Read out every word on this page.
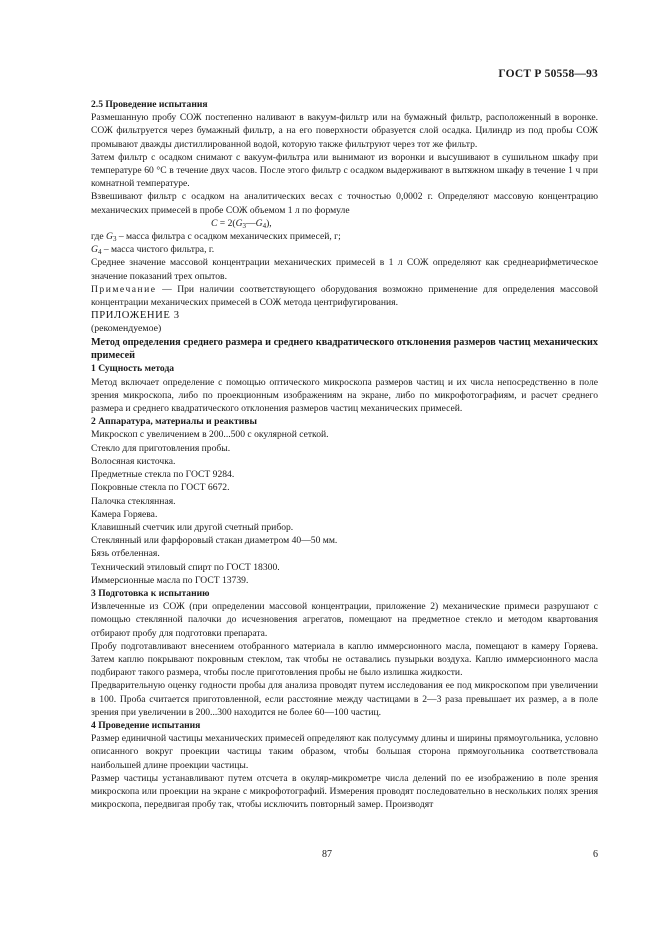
ГОСТ Р 50558—93

2.5 Проведение испытания

Размешанную пробу СОЖ постепенно наливают в вакуум-фильтр или на бумажный фильтр, расположенный в воронке. СОЖ фильтруется через бумажный фильтр, а на его поверхности образуется слой осадка. Цилиндр из под пробы СОЖ промывают дважды дистиллированной водой, которую также фильтруют через тот же фильтр.

Затем фильтр с осадком снимают с вакуум-фильтра или вынимают из воронки и высушивают в сушильном шкафу при температуре 60 °С в течение двух часов. После этого фильтр с осадком выдерживают в вытяжном шкафу в течение 1 ч при комнатной температуре.

Взвешивают фильтр с осадком на аналитических весах с точностью 0,0002 г. Определяют массовую концентрацию механических примесей в пробе СОЖ объемом 1 л по формуле

$C = 2(G_3—G_4)$,

где $G_3$ – масса фильтра с осадком механических примесей, г;

$G_4$ – масса чистого фильтра, г.

Среднее значение массовой концентрации механических примесей в 1 л СОЖ определяют как среднеарифметическое значение показаний трех опытов.

Примечание — При наличии соответствующего оборудования возможно применение для определения массовой концентрации механических примесей в СОЖ метода центрифугирования.

ПРИЛОЖЕНИЕ 3

(рекомендуемое)

Метод определения среднего размера и среднего квадратического отклонения размеров частиц механических примесей

1 Сущность метода

Метод включает определение с помощью оптического микроскопа размеров частиц и их числа непосредственно в поле зрения микроскопа, либо по проекционным изображениям на экране, либо по микрофотографиям, и расчет среднего размера и среднего квадратического отклонения размеров частиц механических примесей.

2 Аппаратура, материалы и реактивы

Микроскоп с увеличением в 200...500 с окулярной сеткой.

Стекло для приготовления пробы.

Волосяная кисточка.

Предметные стекла по ГОСТ 9284.

Покровные стекла по ГОСТ 6672.

Палочка стеклянная.

Камера Горяева.

Клавишный счетчик или другой счетный прибор.

Стеклянный или фарфоровый стакан диаметром 40—50 мм.

Бязь отбеленная.

Технический этиловый спирт по ГОСТ 18300.

Иммерсионные масла по ГОСТ 13739.

3 Подготовка к испытанию

Извлеченные из СОЖ (при определении массовой концентрации, приложение 2) механические примеси разрушают с помощью стеклянной палочки до исчезновения агрегатов, помещают на предметное стекло и методом квартования отбирают пробу для подготовки препарата.

Пробу подготавливают внесением отобранного материала в каплю иммерсионного масла, помещают в камеру Горяева. Затем каплю покрывают покровным стеклом, так чтобы не оставались пузырьки воздуха. Каплю иммерсионного масла подбирают такого размера, чтобы после приготовления пробы не было излишка жидкости.

Предварительную оценку годности пробы для анализа проводят путем исследования ее под микроскопом при увеличении в 100. Проба считается приготовленной, если расстояние между частицами в 2—3 раза превышает их размер, а в поле зрения при увеличении в 200...300 находится не более 60—100 частиц.

4 Проведение испытания

Размер единичной частицы механических примесей определяют как полусумму длины и ширины прямоугольника, условно описанного вокруг проекции частицы таким образом, чтобы большая сторона прямоугольника соответствовала наибольшей длине проекции частицы.

Размер частицы устанавливают путем отсчета в окуляр-микрометре числа делений по ее изображению в поле зрения микроскопа или проекции на экране с микрофотографий. Измерения проводят последовательно в нескольких полях зрения микроскопа, передвигая пробу так, чтобы исключить повторный замер. Производят

87	6
